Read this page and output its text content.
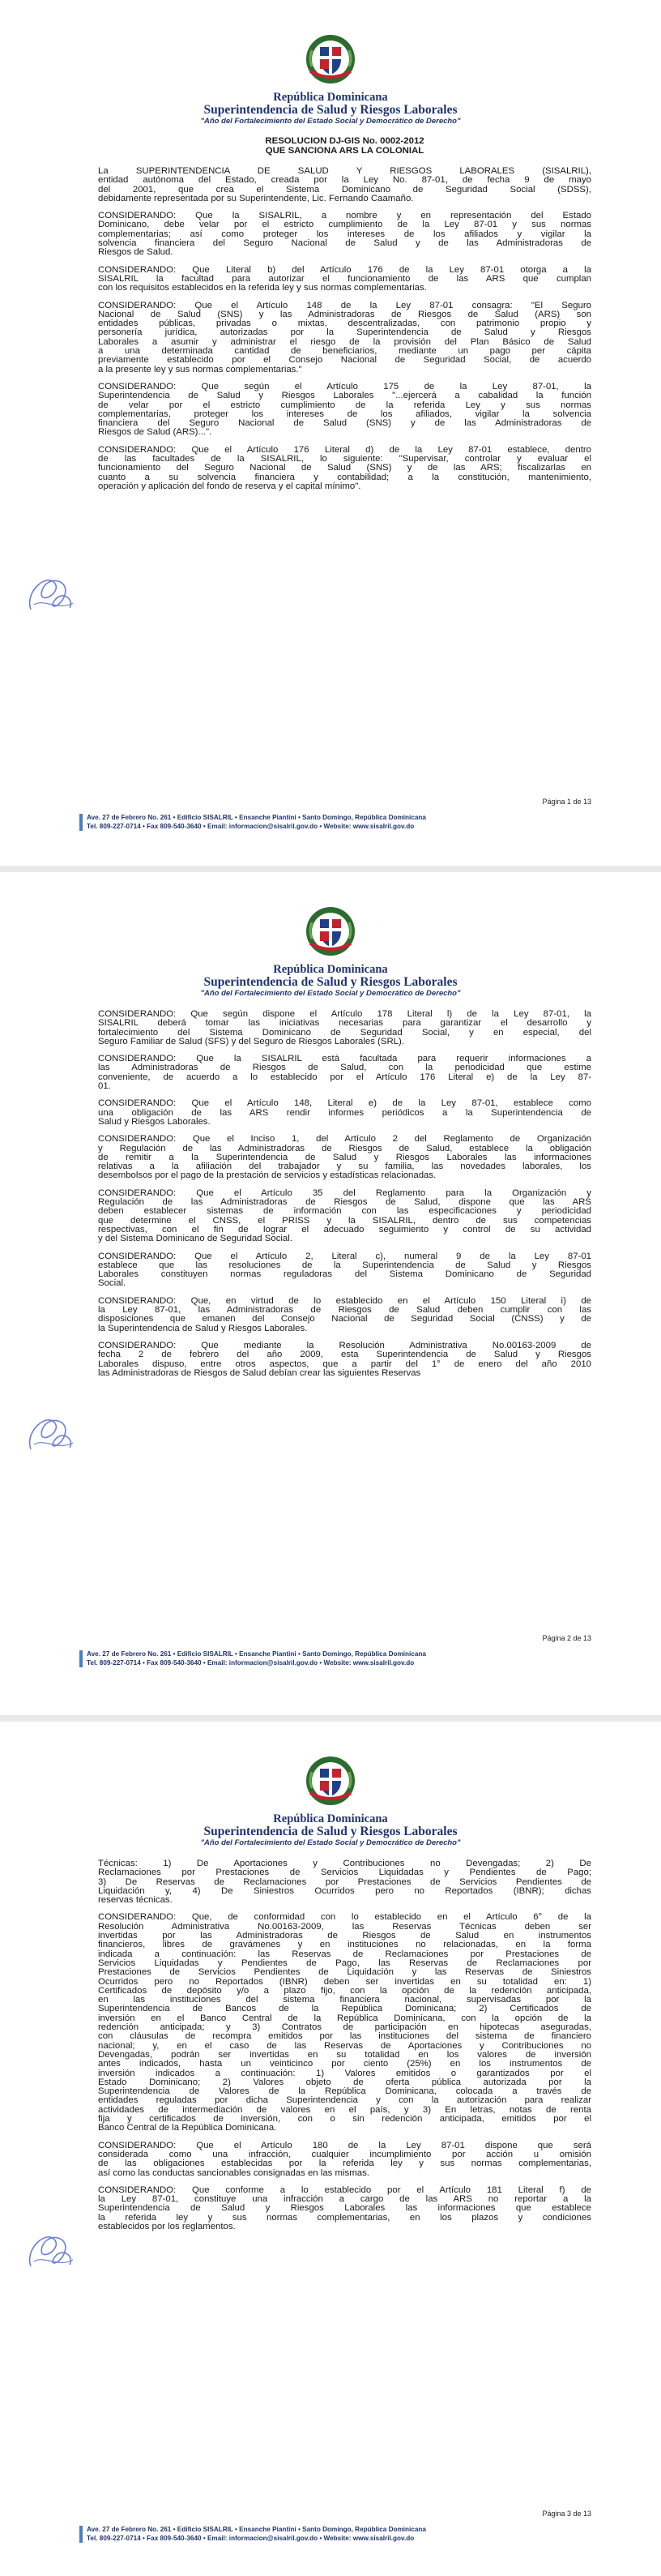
República Dominicana
Superintendencia de Salud y Riesgos Laborales
"Año del Fortalecimiento del Estado Social y Democrático de Derecho"
RESOLUCION DJ-GIS No. 0002-2012
QUE SANCIONA ARS LA COLONIAL

La SUPERINTENDENCIA DE SALUD Y RIESGOS LABORALES (SISALRIL),
entidad autónoma del Estado, creada por la Ley No. 87-01, de fecha 9 de mayo
del 2001, que crea el Sistema Dominicano de Seguridad Social (SDSS),
debidamente representada por su Superintendente, Lic. Fernando Caamaño.

CONSIDERANDO: Que la SISALRIL, a nombre y en representación del Estado
Dominicano, debe velar por el estricto cumplimiento de la Ley 87-01 y sus normas
complementarias; así como proteger los intereses de los afiliados y vigilar la
solvencia financiera del Seguro Nacional de Salud y de las Administradoras de
Riesgos de Salud.

CONSIDERANDO: Que Literal b) del Artículo 176 de la Ley 87-01 otorga a la
SISALRIL la facultad para autorizar el funcionamiento de las ARS que cumplan
con los requisitos establecidos en la referida ley y sus normas complementarias.

CONSIDERANDO: Que el Artículo 148 de la Ley 87-01 consagra: "El Seguro
Nacional de Salud (SNS) y las Administradoras de Riesgos de Salud (ARS) son
entidades públicas, privadas o mixtas, descentralizadas, con patrimonio propio y
personería jurídica, autorizadas por la Superintendencia de Salud y Riesgos
Laborales a asumir y administrar el riesgo de la provisión del Plan Básico de Salud
a una determinada cantidad de beneficiarios, mediante un pago per cápita
previamente establecido por el Consejo Nacional de Seguridad Social, de acuerdo
a la presente ley y sus normas complementarias."

CONSIDERANDO: Que según el Artículo 175 de la Ley 87-01, la
Superintendencia de Salud y Riesgos Laborales "...ejercerá a cabalidad la función
de velar por el estricto cumplimiento de la referida Ley y sus normas
complementarias, proteger los intereses de los afiliados, vigilar la solvencia
financiera del Seguro Nacional de Salud (SNS) y de las Administradoras de
Riesgos de Salud (ARS)...".

CONSIDERANDO: Que el Artículo 176 Literal d) de la Ley 87-01 establece, dentro
de las facultades de la SISALRIL, lo siguiente: "Supervisar, controlar y evaluar el
funcionamiento del Seguro Nacional de Salud (SNS) y de las ARS; fiscalizarlas en
cuanto a su solvencia financiera y contabilidad; a la constitución, mantenimiento,
operación y aplicación del fondo de reserva y el capital mínimo".

Página 1 de 13
Ave. 27 de Febrero No. 261 • Edificio SISALRIL • Ensanche Piantini • Santo Domingo, República Dominicana
Tel. 809-227-0714 • Fax 809-540-3640 • Email: informacion@sisalril.gov.do • Website: www.sisalril.gov.do
República Dominicana
Superintendencia de Salud y Riesgos Laborales
"Año del Fortalecimiento del Estado Social y Democrático de Derecho"

CONSIDERANDO: Que según dispone el Artículo 178 Literal l) de la Ley 87-01, la
SISALRIL deberá tomar las iniciativas necesarias para garantizar el desarrollo y
fortalecimiento del Sistema Dominicano de Seguridad Social, y en especial, del
Seguro Familiar de Salud (SFS) y del Seguro de Riesgos Laborales (SRL).

CONSIDERANDO: Que la SISALRIL está facultada para requerir informaciones a
las Administradoras de Riesgos de Salud, con la periodicidad que estime
conveniente, de acuerdo a lo establecido por el Artículo 176 Literal e) de la Ley 87-
01.

CONSIDERANDO: Que el Artículo 148, Literal e) de la Ley 87-01, establece como
una obligación de las ARS rendir informes periódicos a la Superintendencia de
Salud y Riesgos Laborales.

CONSIDERANDO: Que el Inciso 1, del Artículo 2 del Reglamento de Organización
y Regulación de las Administradoras de Riesgos de Salud, establece la obligación
de remitir a la Superintendencia de Salud y Riesgos Laborales las informaciones
relativas a la afiliación del trabajador y su familia, las novedades laborales, los
desembolsos por el pago de la prestación de servicios y estadísticas relacionadas.

CONSIDERANDO: Que el Artículo 35 del Reglamento para la Organización y
Regulación de las Administradoras de Riesgos de Salud, dispone que las ARS
deben establecer sistemas de información con las especificaciones y periodicidad
que determine el CNSS, el PRISS y la SISALRIL, dentro de sus competencias
respectivas, con el fin de lograr el adecuado seguimiento y control de su actividad
y del Sistema Dominicano de Seguridad Social.

CONSIDERANDO: Que el Artículo 2, Literal c), numeral 9 de la Ley 87-01
establece que las resoluciones de la Superintendencia de Salud y Riesgos
Laborales constituyen normas reguladoras del Sistema Dominicano de Seguridad
Social.

CONSIDERANDO: Que, en virtud de lo establecido en el Artículo 150 Literal i) de
la Ley 87-01, las Administradoras de Riesgos de Salud deben cumplir con las
disposiciones que emanen del Consejo Nacional de Seguridad Social (CNSS) y de
la Superintendencia de Salud y Riesgos Laborales.

CONSIDERANDO: Que mediante la Resolución Administrativa No.00163-2009 de
fecha 2 de febrero del año 2009, esta Superintendencia de Salud y Riesgos
Laborales dispuso, entre otros aspectos, que a partir del 1° de enero del año 2010
las Administradoras de Riesgos de Salud debían crear las siguientes Reservas

Página 2 de 13
Ave. 27 de Febrero No. 261 • Edificio SISALRIL • Ensanche Piantini • Santo Domingo, República Dominicana
Tel. 809-227-0714 • Fax 809-540-3640 • Email: informacion@sisalril.gov.do • Website: www.sisalril.gov.do
República Dominicana
Superintendencia de Salud y Riesgos Laborales
"Año del Fortalecimiento del Estado Social y Democrático de Derecho"

Técnicas: 1) De Aportaciones y Contribuciones no Devengadas; 2) De
Reclamaciones por Prestaciones de Servicios Liquidadas y Pendientes de Pago;
3) De Reservas de Reclamaciones por Prestaciones de Servicios Pendientes de
Liquidación y, 4) De Siniestros Ocurridos pero no Reportados (IBNR); dichas
reservas técnicas.

CONSIDERANDO: Que, de conformidad con lo establecido en el Artículo 6° de la
Resolución Administrativa No.00163-2009, las Reservas Técnicas deben ser
invertidas por las Administradoras de Riesgos de Salud en instrumentos
financieros, libres de gravámenes y en instituciones no relacionadas, en la forma
indicada a continuación: las Reservas de Reclamaciones por Prestaciones de
Servicios Liquidadas y Pendientes de Pago, las Reservas de Reclamaciones por
Prestaciones de Servicios Pendientes de Liquidación y las Reservas de Siniestros
Ocurridos pero no Reportados (IBNR) deben ser invertidas en su totalidad en: 1)
Certificados de depósito y/o a plazo fijo, con la opción de la redención anticipada,
en las instituciones del sistema financiera nacional, supervisadas por la
Superintendencia de Bancos de la República Dominicana; 2) Certificados de
inversión en el Banco Central de la República Dominicana, con la opción de la
redención anticipada; y 3) Contratos de participación en hipotecas aseguradas,
con cláusulas de recompra emitidos por las instituciones del sistema de financiero
nacional; y, en el caso de las Reservas de Aportaciones y Contribuciones no
Devengadas, podrán ser invertidas en su totalidad en los valores de inversión
antes indicados, hasta un veinticinco por ciento (25%) en los instrumentos de
inversión indicados a continuación: 1) Valores emitidos o garantizados por el
Estado Dominicano; 2) Valores objeto de oferta pública autorizada por la
Superintendencia de Valores de la República Dominicana, colocada a través de
entidades reguladas por dicha Superintendencia y con la autorización para realizar
actividades de intermediación de valores en el país, y 3) En letras, notas de renta
fija y certificados de inversión, con o sin redención anticipada, emitidos por el
Banco Central de la República Dominicana.

CONSIDERANDO: Que el Artículo 180 de la Ley 87-01 dispone que será
considerada como una infracción, cualquier incumplimiento por acción u omisión
de las obligaciones establecidas por la referida ley y sus normas complementarias,
así como las conductas sancionables consignadas en las mismas.

CONSIDERANDO: Que conforme a lo establecido por el Artículo 181 Literal f) de
la Ley 87-01, constituye una infracción a cargo de las ARS no reportar a la
Superintendencia de Salud y Riesgos Laborales las informaciones que establece
la referida ley y sus normas complementarias, en los plazos y condiciones
establecidos por los reglamentos.

Página 3 de 13
Ave. 27 de Febrero No. 261 • Edificio SISALRIL • Ensanche Piantini • Santo Domingo, República Dominicana
Tel. 809-227-0714 • Fax 809-540-3640 • Email: informacion@sisalril.gov.do • Website: www.sisalril.gov.do
